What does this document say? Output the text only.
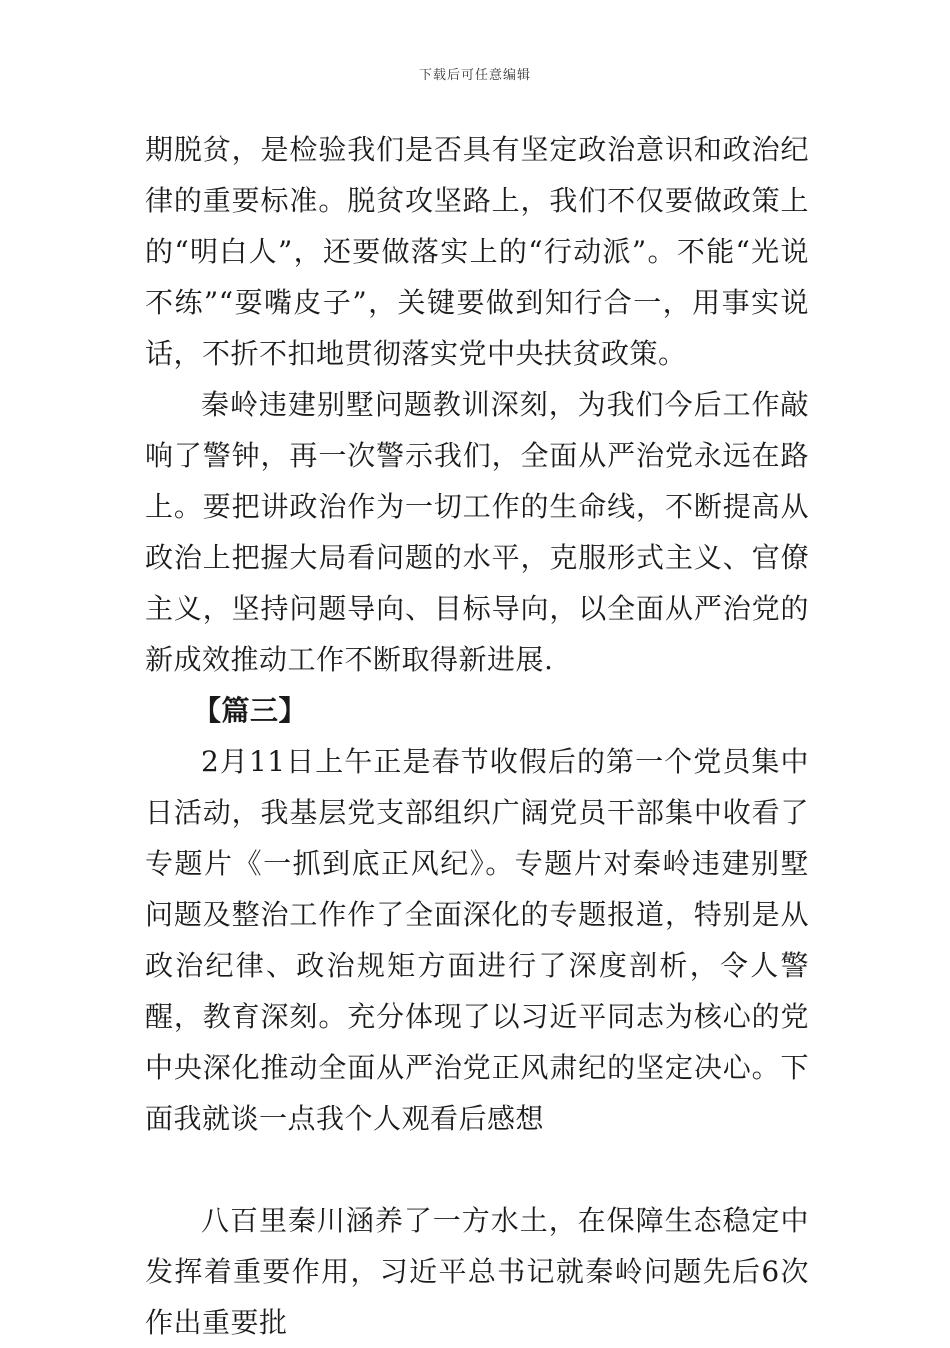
下载后可任意编辑

期脱贫，是检验我们是否具有坚定政治意识和政治纪律的重要标准。脱贫攻坚路上，我们不仅要做政策上的“明白人”，还要做落实上的“行动派”。不能“光说不练”“耍嘴皮子”，关键要做到知行合一，用事实说话，不折不扣地贯彻落实党中央扶贫政策。

秦岭违建别墅问题教训深刻，为我们今后工作敲响了警钟，再一次警示我们，全面从严治党永远在路上。要把讲政治作为一切工作的生命线，不断提高从政治上把握大局看问题的水平，克服形式主义、官僚主义，坚持问题导向、目标导向，以全面从严治党的新成效推动工作不断取得新进展.

【篇三】

2月11日上午正是春节收假后的第一个党员集中日活动，我基层党支部组织广阔党员干部集中收看了专题片《一抓到底正风纪》。专题片对秦岭违建别墅问题及整治工作作了全面深化的专题报道，特别是从政治纪律、政治规矩方面进行了深度剖析，令人警醒，教育深刻。充分体现了以习近平同志为核心的党中央深化推动全面从严治党正风肃纪的坚定决心。下面我就谈一点我个人观看后感想

八百里秦川涵养了一方水土，在保障生态稳定中发挥着重要作用，习近平总书记就秦岭问题先后6次作出重要批
